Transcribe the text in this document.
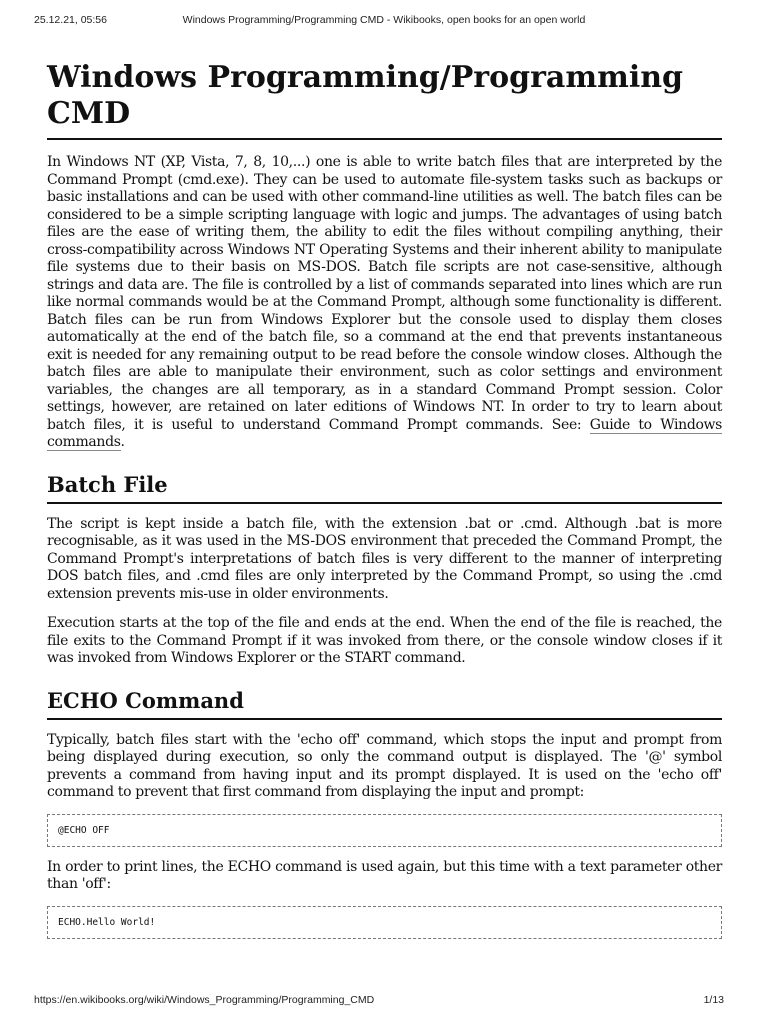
25.12.21, 05:56	Windows Programming/Programming CMD - Wikibooks, open books for an open world
Windows Programming/Programming CMD

In Windows NT (XP, Vista, 7, 8, 10,...) one is able to write batch files that are interpreted by the Command Prompt (cmd.exe). They can be used to automate file-system tasks such as backups or basic installations and can be used with other command-line utilities as well. The batch files can be considered to be a simple scripting language with logic and jumps. The advantages of using batch files are the ease of writing them, the ability to edit the files without compiling anything, their cross-compatibility across Windows NT Operating Systems and their inherent ability to manipulate file systems due to their basis on MS-DOS. Batch file scripts are not case-sensitive, although strings and data are. The file is controlled by a list of commands separated into lines which are run like normal commands would be at the Command Prompt, although some functionality is different. Batch files can be run from Windows Explorer but the console used to display them closes automatically at the end of the batch file, so a command at the end that prevents instantaneous exit is needed for any remaining output to be read before the console window closes. Although the batch files are able to manipulate their environment, such as color settings and environment variables, the changes are all temporary, as in a standard Command Prompt session. Color settings, however, are retained on later editions of Windows NT. In order to try to learn about batch files, it is useful to understand Command Prompt commands. See: Guide to Windows commands.

Batch File

The script is kept inside a batch file, with the extension .bat or .cmd. Although .bat is more recognisable, as it was used in the MS-DOS environment that preceded the Command Prompt, the Command Prompt's interpretations of batch files is very different to the manner of interpreting DOS batch files, and .cmd files are only interpreted by the Command Prompt, so using the .cmd extension prevents mis-use in older environments.

Execution starts at the top of the file and ends at the end. When the end of the file is reached, the file exits to the Command Prompt if it was invoked from there, or the console window closes if it was invoked from Windows Explorer or the START command.

ECHO Command

Typically, batch files start with the 'echo off' command, which stops the input and prompt from being displayed during execution, so only the command output is displayed. The '@' symbol prevents a command from having input and its prompt displayed. It is used on the 'echo off' command to prevent that first command from displaying the input and prompt:

@ECHO OFF

In order to print lines, the ECHO command is used again, but this time with a text parameter other than 'off':

ECHO.Hello World!
https://en.wikibooks.org/wiki/Windows_Programming/Programming_CMD	1/13
